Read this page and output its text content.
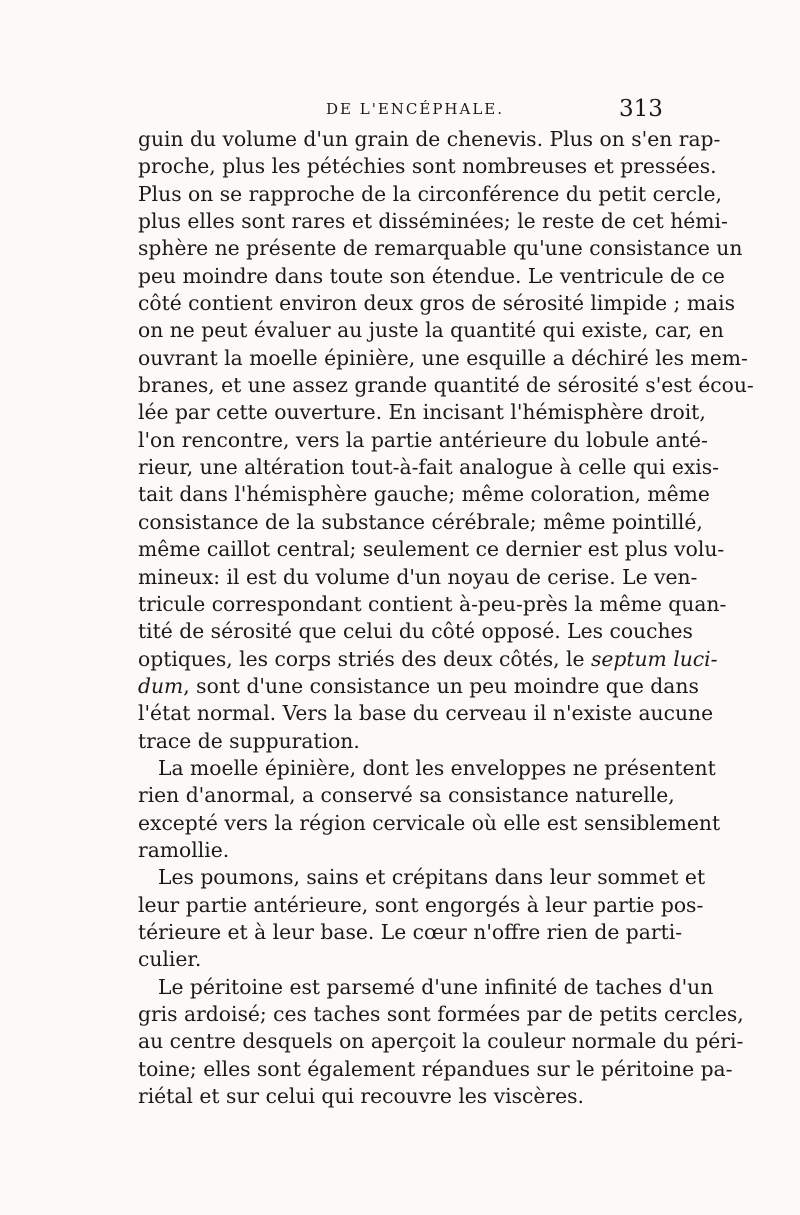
DE L'ENCÉPHALE.	313
guin du volume d'un grain de chenevis. Plus on s'en rap-
proche, plus les pétéchies sont nombreuses et pressées.
Plus on se rapproche de la circonférence du petit cercle,
plus elles sont rares et disséminées; le reste de cet hémi-
sphère ne présente de remarquable qu'une consistance un
peu moindre dans toute son étendue. Le ventricule de ce
côté contient environ deux gros de sérosité limpide ; mais
on ne peut évaluer au juste la quantité qui existe, car, en
ouvrant la moelle épinière, une esquille a déchiré les mem-
branes, et une assez grande quantité de sérosité s'est écou-
lée par cette ouverture. En incisant l'hémisphère droit,
l'on rencontre, vers la partie antérieure du lobule anté-
rieur, une altération tout-à-fait analogue à celle qui exis-
tait dans l'hémisphère gauche; même coloration, même
consistance de la substance cérébrale; même pointillé,
même caillot central; seulement ce dernier est plus volu-
mineux: il est du volume d'un noyau de cerise. Le ven-
tricule correspondant contient à-peu-près la même quan-
tité de sérosité que celui du côté opposé. Les couches
optiques, les corps striés des deux côtés, le septum luci-
dum, sont d'une consistance un peu moindre que dans
l'état normal. Vers la base du cerveau il n'existe aucune
trace de suppuration.
La moelle épinière, dont les enveloppes ne présentent
rien d'anormal, a conservé sa consistance naturelle,
excepté vers la région cervicale où elle est sensiblement
ramollie.
Les poumons, sains et crépitans dans leur sommet et
leur partie antérieure, sont engorgés à leur partie pos-
térieure et à leur base. Le cœur n'offre rien de parti-
culier.
Le péritoine est parsemé d'une infinité de taches d'un
gris ardoisé; ces taches sont formées par de petits cercles,
au centre desquels on aperçoit la couleur normale du péri-
toine; elles sont également répandues sur le péritoine pa-
riétal et sur celui qui recouvre les viscères.
